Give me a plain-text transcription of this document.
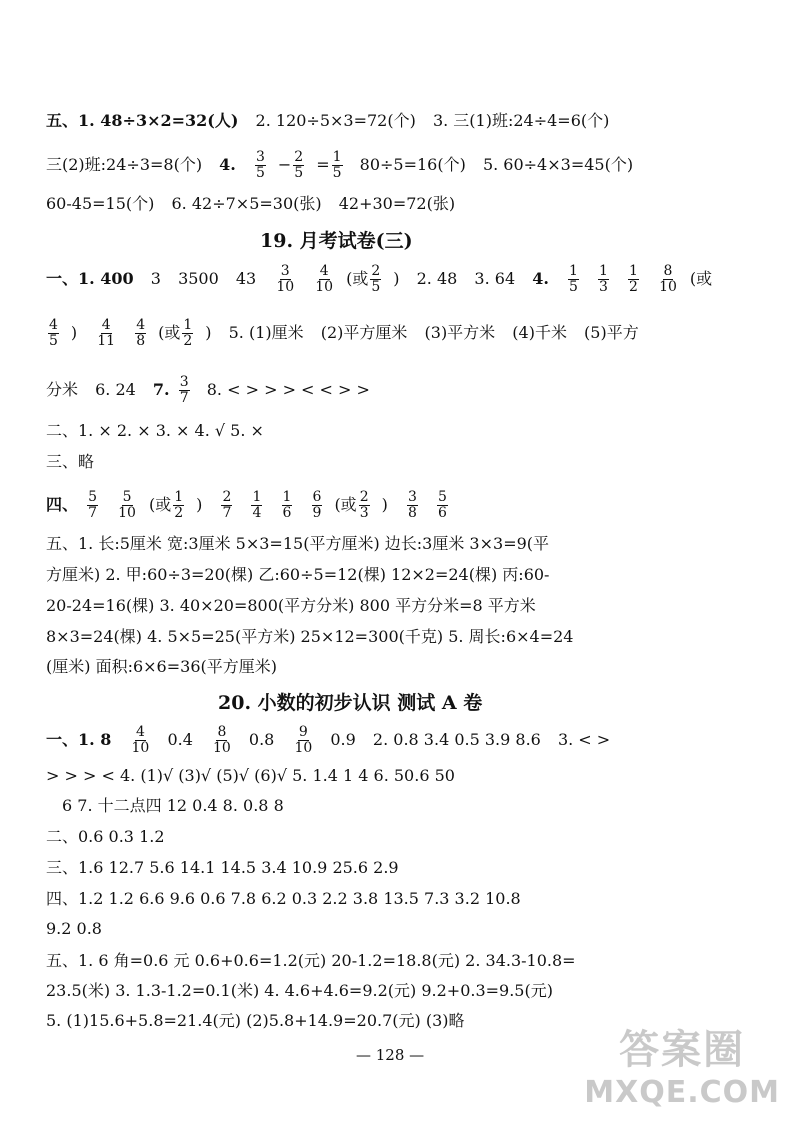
五、1. 48÷3×2=32(人) 2. 120÷5×3=72(个) 3. 三(1)班:24÷4=6(个)
三(2)班:24÷3=8(个) 4. $\frac{3}{5} - \frac{2}{5} = \frac{1}{5} 80\div 5=16$(个) 5. 60÷4×3=45(个)
60-45=15(个) 6. 42÷7×5=30(张) 42+30=72(张)
19. 月考试卷(三)
一、1. 400 3 3500 $43 \frac{3}{10}$
$\frac{4}{10}$ (或 $\frac{2}{5}$ ) 2. 48 3. 64 4. $\frac{1}{5}$
$\frac{1}{3}$
$\frac{1}{2}$
$\frac{8}{10}$ (或
$\frac{4}{5}$ ) $\frac{4}{11}$
$\frac{4}{8}$ (或 $\frac{1}{2}$ ) 5. (1)厘米 (2)平方厘米 (3)平方米 (4)千米 (5)平方
分米 6. 24 7. $\frac{3}{7} 8$. < > > > < < > >
二、1. × 2. × 3. × 4. √ 5. ×
三、略
四、 $\frac{5}{7}$
$\frac{5}{10}$ (或 $\frac{1}{2}$ ) $\frac{2}{7}$
$\frac{1}{4}$
$\frac{1}{6}$
$\frac{6}{9}$ (或 $\frac{2}{3}$ ) $\frac{3}{8}$
$\frac{5}{6}$
五、1. 长:5厘米 宽:3厘米 5×3=15(平方厘米) 边长:3厘米 3×3=9(平
方厘米) 2. 甲:60÷3=20(棵) 乙:60÷5=12(棵) 12×2=24(棵) 丙:60-
20-24=16(棵) 3. 40×20=800(平方分米) 800 平方分米=8 平方米
8×3=24(棵) 4. 5×5=25(平方米) 25×12=300(千克) 5. 周长:6×4=24
(厘米) 面积:6×6=36(平方厘米)
20. 小数的初步认识 测试 A 卷
一、1. $8 \frac{4}{10} 0.4 \frac{8}{10} 0.8 \frac{9}{10} 0.9$ 2. 0.8 3.4 0.5 3.9 8.6 3. < >
> > > < 4. (1)√ (3)√ (5)√ (6)√ 5. 1.4 1 4 6. 50.6 50
6 7. 十二点四 12 0.4 8. 0.8 8
二、0.6 0.3 1.2
三、1.6 12.7 5.6 14.1 14.5 3.4 10.9 25.6 2.9
四、1.2 1.2 6.6 9.6 0.6 7.8 6.2 0.3 2.2 3.8 13.5 7.3 3.2 10.8
9.2 0.8
五、1. 6 角=0.6 元 0.6+0.6=1.2(元) 20-1.2=18.8(元) 2. 34.3-10.8=
23.5(米) 3. 1.3-1.2=0.1(米) 4. 4.6+4.6=9.2(元) 9.2+0.3=9.5(元)
5. (1)15.6+5.8=21.4(元) (2)5.8+14.9=20.7(元) (3)略
— 128 —	答案圈
MXQE.COM
